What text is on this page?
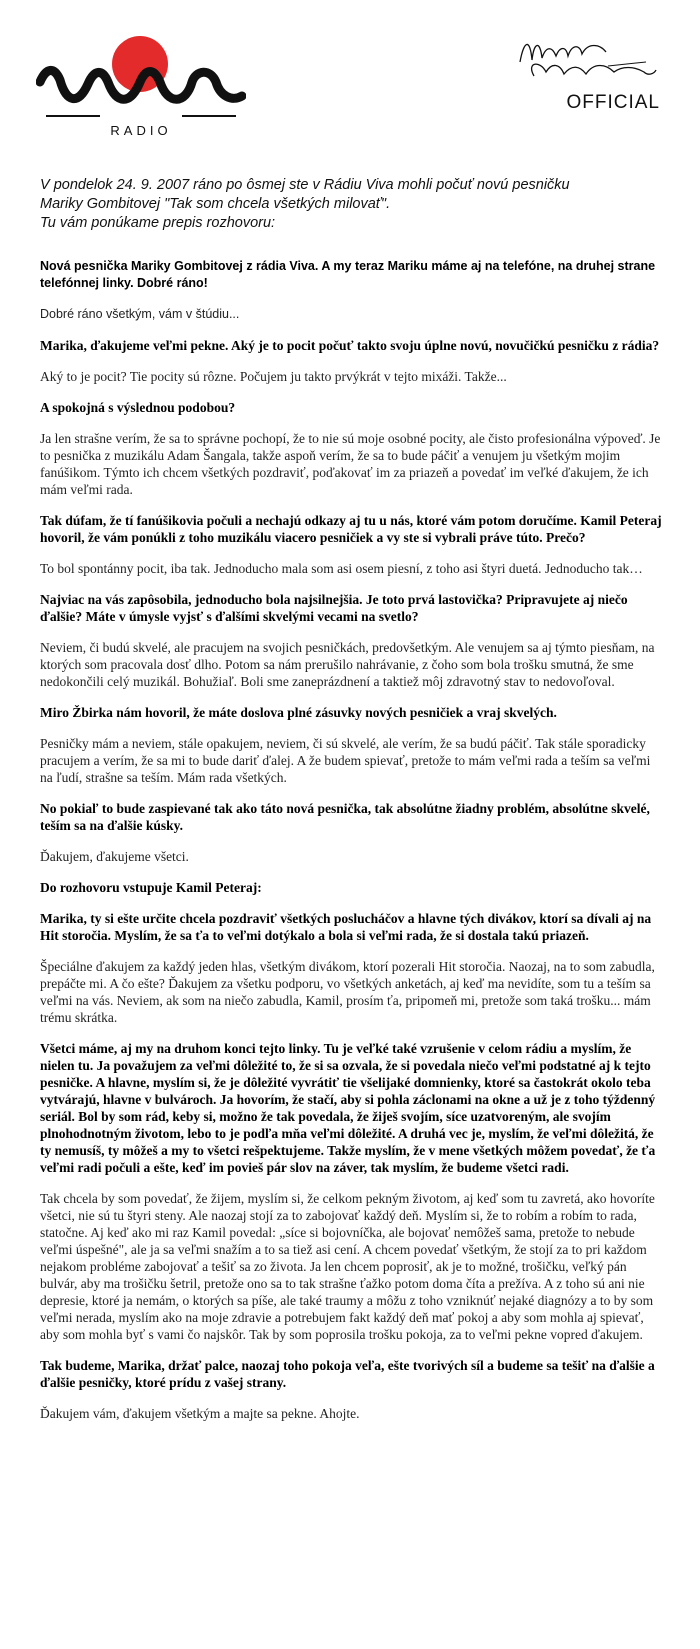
RADIO
OFFICIAL
V pondelok 24. 9. 2007 ráno po ôsmej ste v Rádiu Viva mohli počuť novú pesničku
Mariky Gombitovej "Tak som chcela všetkých milovať".
Tu vám ponúkame prepis rozhovoru:

Nová pesnička Mariky Gombitovej z rádia Viva. A my teraz Mariku máme aj na telefóne, na druhej strane telefónnej linky. Dobré ráno!

Dobré ráno všetkým, vám v štúdiu...

Marika, ďakujeme veľmi pekne. Aký je to pocit počuť takto svoju úplne novú, novučičkú pesničku z rádia?

Aký to je pocit? Tie pocity sú rôzne. Počujem ju takto prvýkrát v tejto mixáži. Takže...

A spokojná s výslednou podobou?

Ja len strašne verím, že sa to správne pochopí, že to nie sú moje osobné pocity, ale čisto profesionálna výpoveď. Je to pesnička z muzikálu Adam Šangala, takže aspoň verím, že sa to bude páčiť a venujem ju všetkým mojim fanúšikom. Týmto ich chcem všetkých pozdraviť, poďakovať im za priazeň a povedať im veľké ďakujem, že ich mám veľmi rada.

Tak dúfam, že tí fanúšikovia počuli a nechajú odkazy aj tu u nás, ktoré vám potom doručíme. Kamil Peteraj hovoril, že vám ponúkli z toho muzikálu viacero pesničiek a vy ste si vybrali práve túto. Prečo?

To bol spontánny pocit, iba tak. Jednoducho mala som asi osem piesní, z toho asi štyri duetá. Jednoducho tak…

Najviac na vás zapôsobila, jednoducho bola najsilnejšia. Je toto prvá lastovička? Pripravujete aj niečo ďalšie? Máte v úmysle vyjsť s ďalšími skvelými vecami na svetlo?

Neviem, či budú skvelé, ale pracujem na svojich pesničkách, predovšetkým. Ale venujem sa aj týmto piesňam, na ktorých som pracovala dosť dlho. Potom sa nám prerušilo nahrávanie, z čoho som bola trošku smutná, že sme nedokončili celý muzikál. Bohužiaľ. Boli sme zaneprázdnení a taktiež môj zdravotný stav to nedovoľoval.

Miro Žbirka nám hovoril, že máte doslova plné zásuvky nových pesničiek a vraj skvelých.

Pesničky mám a neviem, stále opakujem, neviem, či sú skvelé, ale verím, že sa budú páčiť. Tak stále sporadicky pracujem a verím, že sa mi to bude dariť ďalej. A že budem spievať, pretože to mám veľmi rada a teším sa veľmi na ľudí, strašne sa teším. Mám rada všetkých.

No pokiaľ to bude zaspievané tak ako táto nová pesnička, tak absolútne žiadny problém, absolútne skvelé, teším sa na ďalšie kúsky.

Ďakujem, ďakujeme všetci.

Do rozhovoru vstupuje Kamil Peteraj:

Marika, ty si ešte určite chcela pozdraviť všetkých poslucháčov a hlavne tých divákov, ktorí sa dívali aj na Hit storočia. Myslím, že sa ťa to veľmi dotýkalo a bola si veľmi rada, že si dostala takú priazeň.

Špeciálne ďakujem za každý jeden hlas, všetkým divákom, ktorí pozerali Hit storočia. Naozaj, na to som zabudla, prepáčte mi. A čo ešte? Ďakujem za všetku podporu, vo všetkých anketách, aj keď ma nevidíte, som tu a teším sa veľmi na vás. Neviem, ak som na niečo zabudla, Kamil, prosím ťa, pripomeň mi, pretože som taká trošku... mám trému skrátka.

Všetci máme, aj my na druhom konci tejto linky. Tu je veľké také vzrušenie v celom rádiu a myslím, že nielen tu. Ja považujem za veľmi dôležité to, že si sa ozvala, že si povedala niečo veľmi podstatné aj k tejto pesničke. A hlavne, myslím si, že je dôležité vyvrátiť tie všelijaké domnienky, ktoré sa častokrát okolo teba vytvárajú, hlavne v bulvároch. Ja hovorím, že stačí, aby si pohla záclonami na okne a už je z toho týždenný seriál. Bol by som rád, keby si, možno že tak povedala, že žiješ svojím, síce uzatvoreným, ale svojím plnohodnotným životom, lebo to je podľa mňa veľmi dôležité. A druhá vec je, myslím, že veľmi dôležitá, že ty nemusíš, ty môžeš a my to všetci rešpektujeme. Takže myslím, že v mene všetkých môžem povedať, že ťa veľmi radi počuli a ešte, keď im povieš pár slov na záver, tak myslím, že budeme všetci radi.

Tak chcela by som povedať, že žijem, myslím si, že celkom pekným životom, aj keď som tu zavretá, ako hovoríte všetci, nie sú tu štyri steny. Ale naozaj stojí za to zabojovať každý deň. Myslím si, že to robím a robím to rada, statočne. Aj keď ako mi raz Kamil povedal: „síce si bojovníčka, ale bojovať nemôžeš sama, pretože to nebude veľmi úspešné", ale ja sa veľmi snažím a to sa tiež asi cení. A chcem povedať všetkým, že stojí za to pri každom nejakom probléme zabojovať a tešiť sa zo života. Ja len chcem poprosiť, ak je to možné, trošičku, veľký pán bulvár, aby ma trošičku šetril, pretože ono sa to tak strašne ťažko potom doma číta a prežíva. A z toho sú ani nie depresie, ktoré ja nemám, o ktorých sa píše, ale také traumy a môžu z toho vzniknúť nejaké diagnózy a to by som veľmi nerada, myslím ako na moje zdravie a potrebujem fakt každý deň mať pokoj a aby som mohla aj spievať, aby som mohla byť s vami čo najskôr. Tak by som poprosila trošku pokoja, za to veľmi pekne vopred ďakujem.

Tak budeme, Marika, držať palce, naozaj toho pokoja veľa, ešte tvorivých síl a budeme sa tešiť na ďalšie a ďalšie pesničky, ktoré prídu z vašej strany.

Ďakujem vám, ďakujem všetkým a majte sa pekne. Ahojte.
